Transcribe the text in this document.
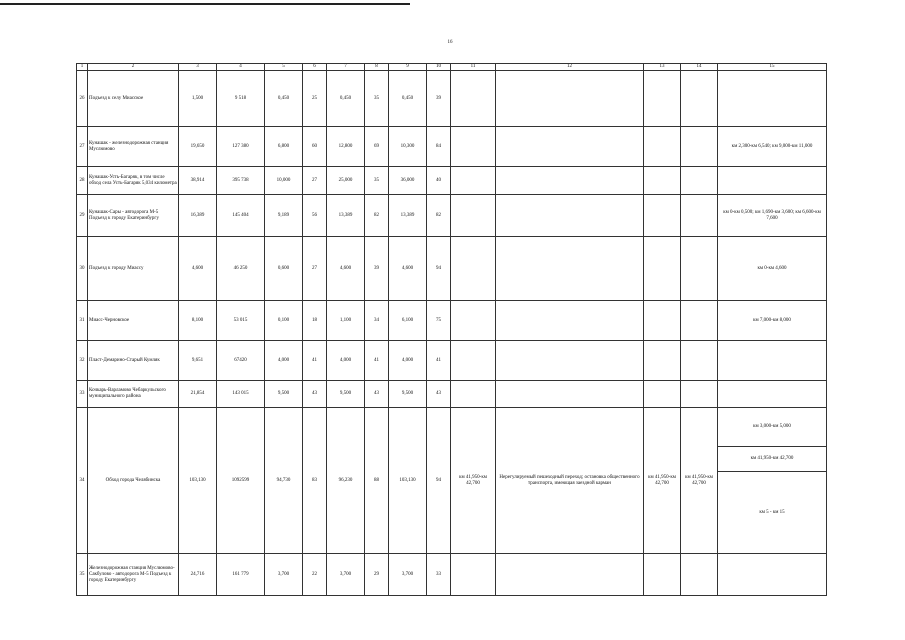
16
1	2	3	4	5	6	7	8	9	10	11	12	13	14	15
26	Подъезд к селу Миасское	1,500	9 518	0,450	25	0,450	35	0,450	39					
27	Кунашак - железнодорожная станция Муслюмово	19,650	127 380	6,800	60	12,800	69	10,300	84					км 2,300-км 6,540; км 9,000-км 11,000
28	Кунашак-Усть-Багаряк, в том числе обход села Усть-Багаряк 5,034 километра	38,914	395 738	10,000	27	25,000	35	36,000	40					
29	Кунашак-Сары - автодорога М-5 Подъезд к городу Екатеринбургу	16,389	145 404	9,189	56	13,389	82	13,389	82					км 0-км 0,500; км 1,690-км 3,600; км 6,600-км 7,600
30	Подъезд к городу Миассу	4,600	46 250	0,600	27	4,600	39	4,600	94					км 0-км 4,600
31	Миасс-Черновское	8,100	53 015	0,100	18	1,100	34	6,100	75					км 7,000-км 8,000
32	Пласт-Демарино-Старый Кумляк	9,651	67420	4,000	41	4,000	41	4,000	41					
33	Кочкарь-Варламово Чебаркульского муниципального района	21,854	143 015	9,500	43	9,500	43	9,500	43					
34	Обход города Челябинска	103,130	1092599	94,730	83	96,230	88	103,130	94	км 41,950-км 42,700	Нерегулируемый пешеходный переход; остановка общественного транспорта, имеющая заездной карман	км 41,950-км 42,700	км 41,950-км 42,700	км 3,000-км 5,000
км 41,950-км 42,700
км 5 - км 15

35	Железнодорожная станция Муслюмово-Сакбулово - автодорога М-5 Подъезд к городу Екатеринбургу	24,716	161 779	3,700	22	3,700	29	3,700	33					
